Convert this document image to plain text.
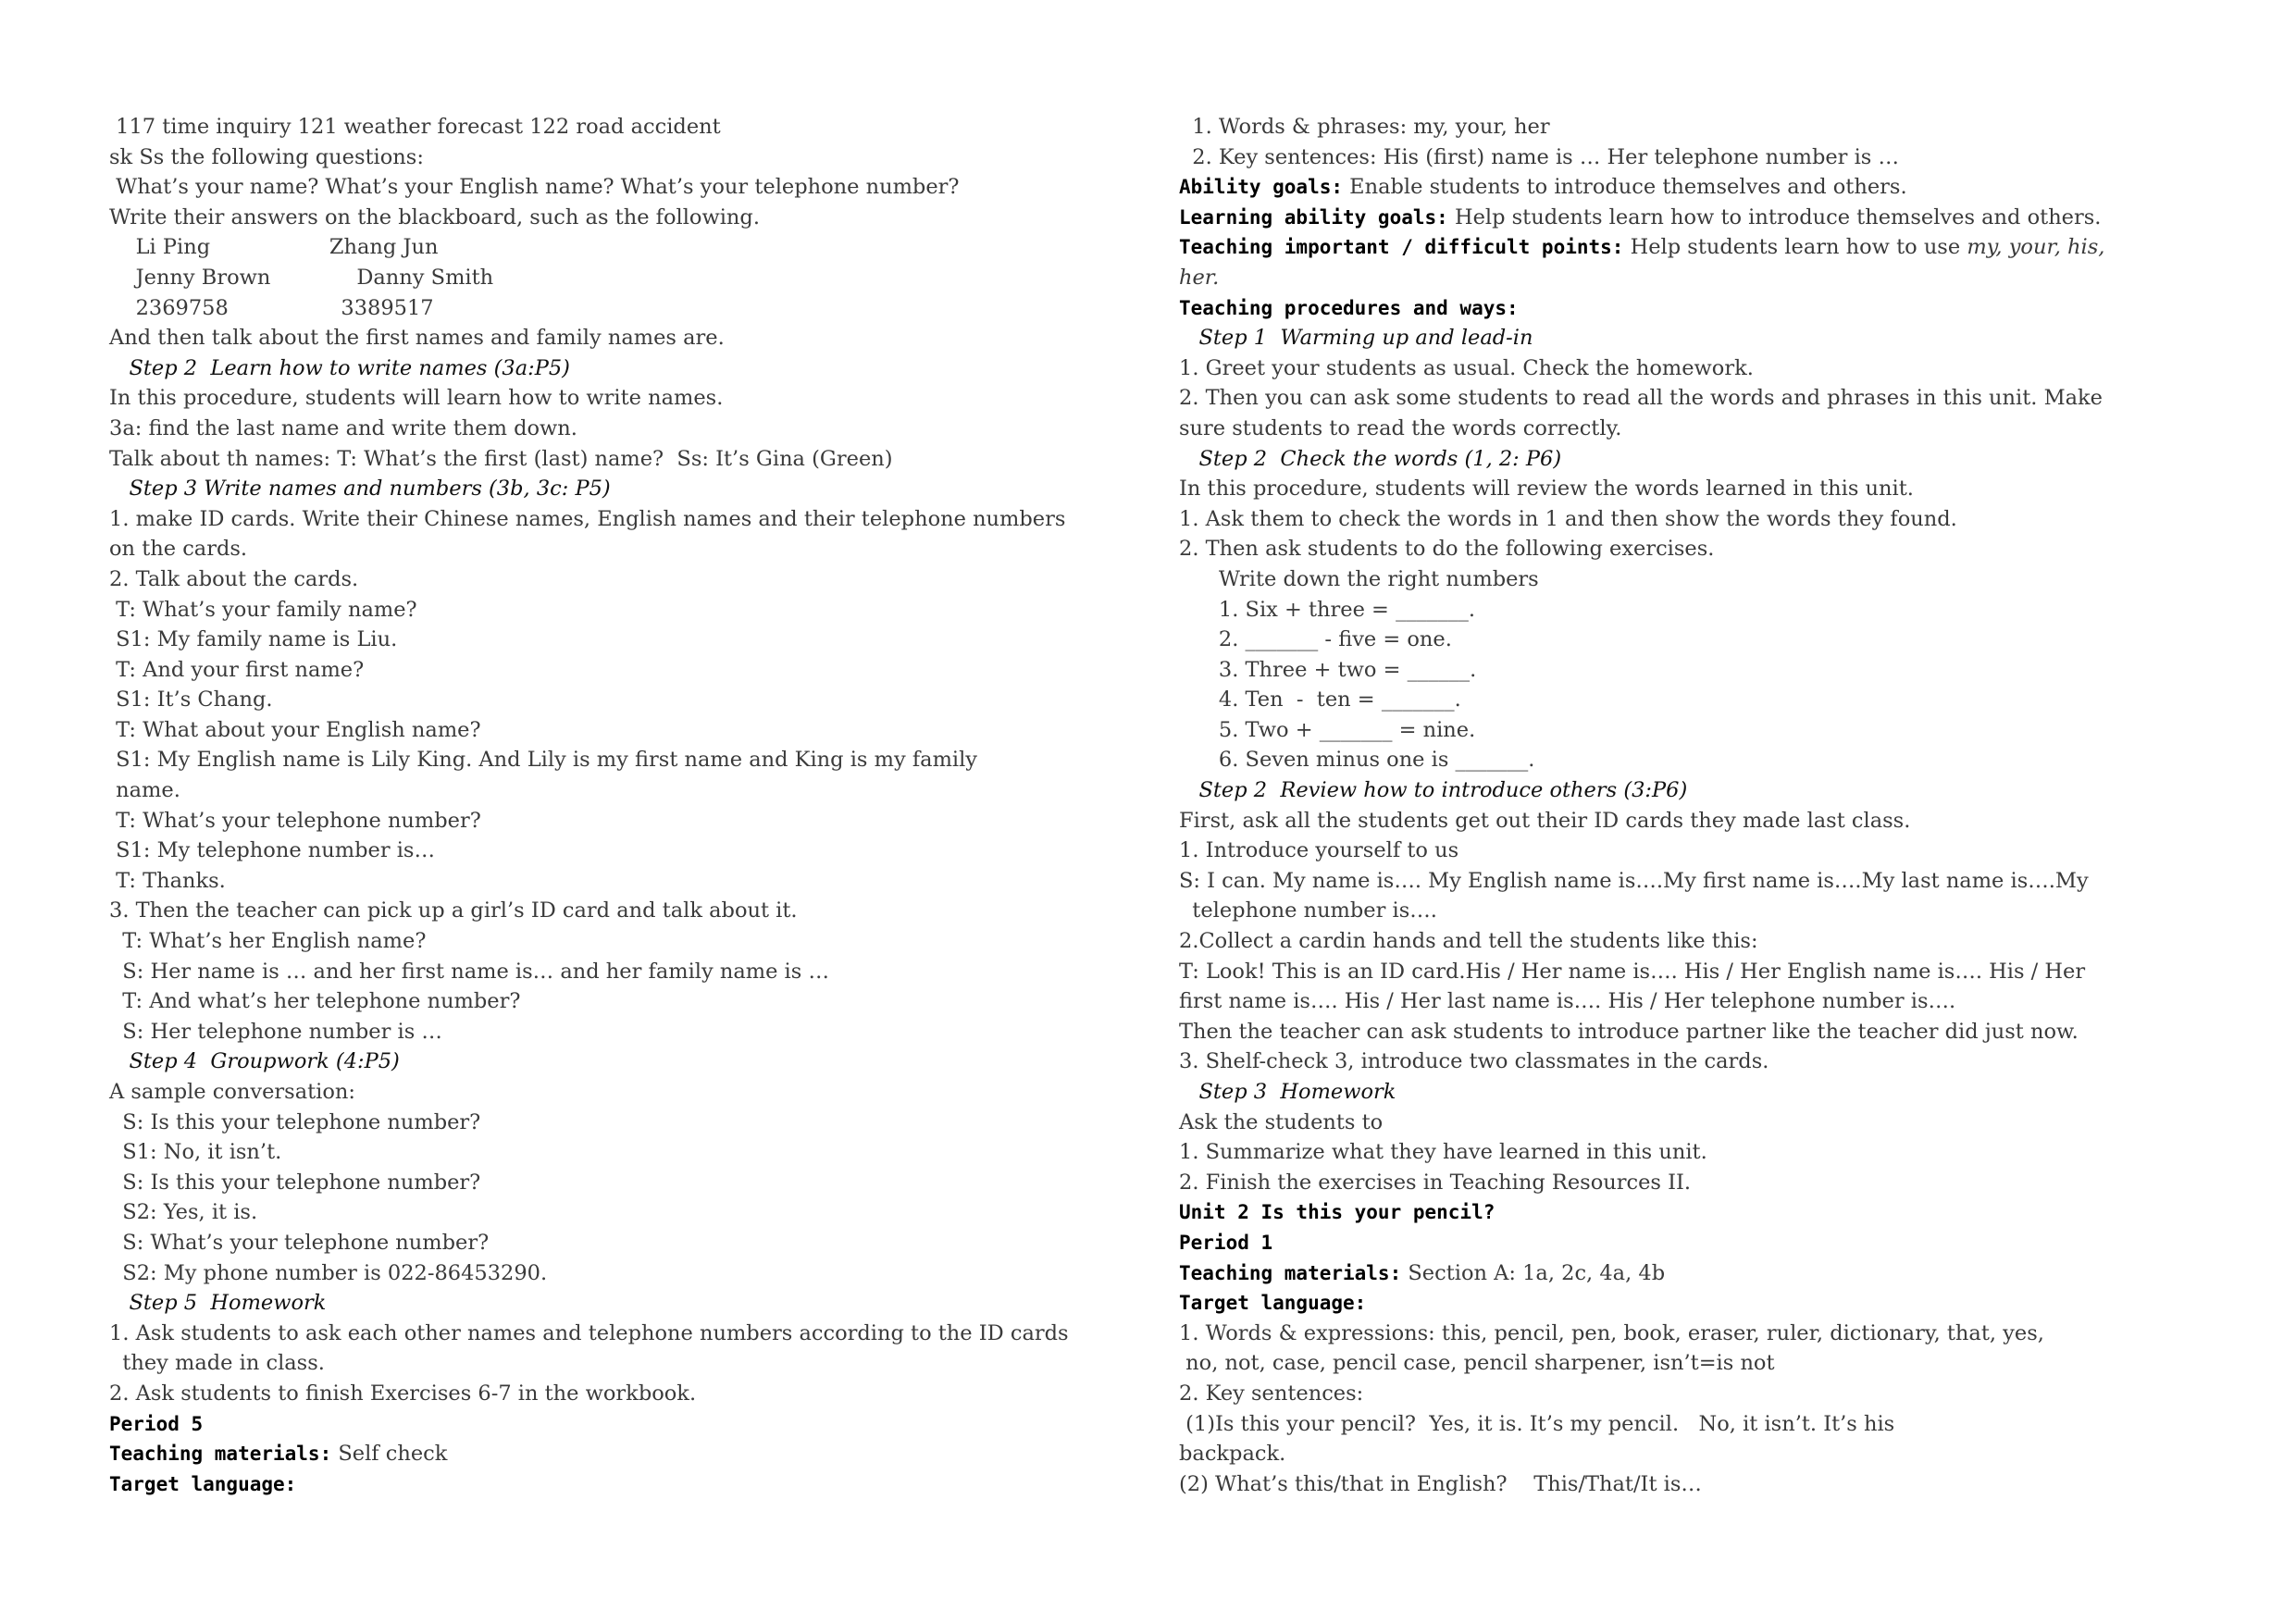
117 time inquiry 121 weather forecast 122 road accident
sk Ss the following questions:
What’s your name? What’s your English name? What’s your telephone number?
Write their answers on the blackboard, such as the following.
Li Ping                  Zhang Jun
Jenny Brown             Danny Smith
2369758                 3389517
And then talk about the first names and family names are.
Step 2  Learn how to write names (3a:P5)
In this procedure, students will learn how to write names.
3a: find the last name and write them down.
Talk about th names: T: What’s the first (last) name?  Ss: It’s Gina (Green)
Step 3 Write names and numbers (3b, 3c: P5)
1. make ID cards. Write their Chinese names, English names and their telephone numbers
on the cards.
2. Talk about the cards.
T: What’s your family name?
S1: My family name is Liu.
T: And your first name?
S1: It’s Chang.
T: What about your English name?
S1: My English name is Lily King. And Lily is my first name and King is my family
name.
T: What’s your telephone number?
S1: My telephone number is…
T: Thanks.
3. Then the teacher can pick up a girl’s ID card and talk about it.
T: What’s her English name?
S: Her name is … and her first name is… and her family name is …
T: And what’s her telephone number?
S: Her telephone number is …
Step 4  Groupwork (4:P5)
A sample conversation:
S: Is this your telephone number?
S1: No, it isn’t.
S: Is this your telephone number?
S2: Yes, it is.
S: What’s your telephone number?
S2: My phone number is 022-86453290.
Step 5  Homework
1. Ask students to ask each other names and telephone numbers according to the ID cards
they made in class.
2. Ask students to finish Exercises 6-7 in the workbook.
Period 5
Teaching materials: Self check
Target language:
1. Words & phrases: my, your, her
2. Key sentences: His (first) name is … Her telephone number is …
Ability goals: Enable students to introduce themselves and others.
Learning ability goals: Help students learn how to introduce themselves and others.
Teaching important / difficult points: Help students learn how to use my, your, his,
her.
Teaching procedures and ways:
Step 1  Warming up and lead-in
1. Greet your students as usual. Check the homework.
2. Then you can ask some students to read all the words and phrases in this unit. Make
sure students to read the words correctly.
Step 2  Check the words (1, 2: P6)
In this procedure, students will review the words learned in this unit.
1. Ask them to check the words in 1 and then show the words they found.
2. Then ask students to do the following exercises.
Write down the right numbers
1. Six + three = _______.
2. _______ - five = one.
3. Three + two = ______.
4. Ten  -  ten = _______.
5. Two + _______ = nine.
6. Seven minus one is _______.
Step 2  Review how to introduce others (3:P6)
First, ask all the students get out their ID cards they made last class.
1. Introduce yourself to us
S: I can. My name is…. My English name is….My first name is….My last name is….My
telephone number is….
2.Collect a cardin hands and tell the students like this:
T: Look! This is an ID card.His / Her name is…. His / Her English name is…. His / Her
first name is…. His / Her last name is…. His / Her telephone number is….
Then the teacher can ask students to introduce partner like the teacher did just now.
3. Shelf-check 3, introduce two classmates in the cards.
Step 3  Homework
Ask the students to
1. Summarize what they have learned in this unit.
2. Finish the exercises in Teaching Resources II.
Unit 2 Is this your pencil?
Period 1
Teaching materials: Section A: 1a, 2c, 4a, 4b
Target language:
1. Words & expressions: this, pencil, pen, book, eraser, ruler, dictionary, that, yes,
no, not, case, pencil case, pencil sharpener, isn’t=is not
2. Key sentences:
(1)Is this your pencil?  Yes, it is. It’s my pencil.   No, it isn’t. It’s his
backpack.
(2) What’s this/that in English?    This/That/It is…
